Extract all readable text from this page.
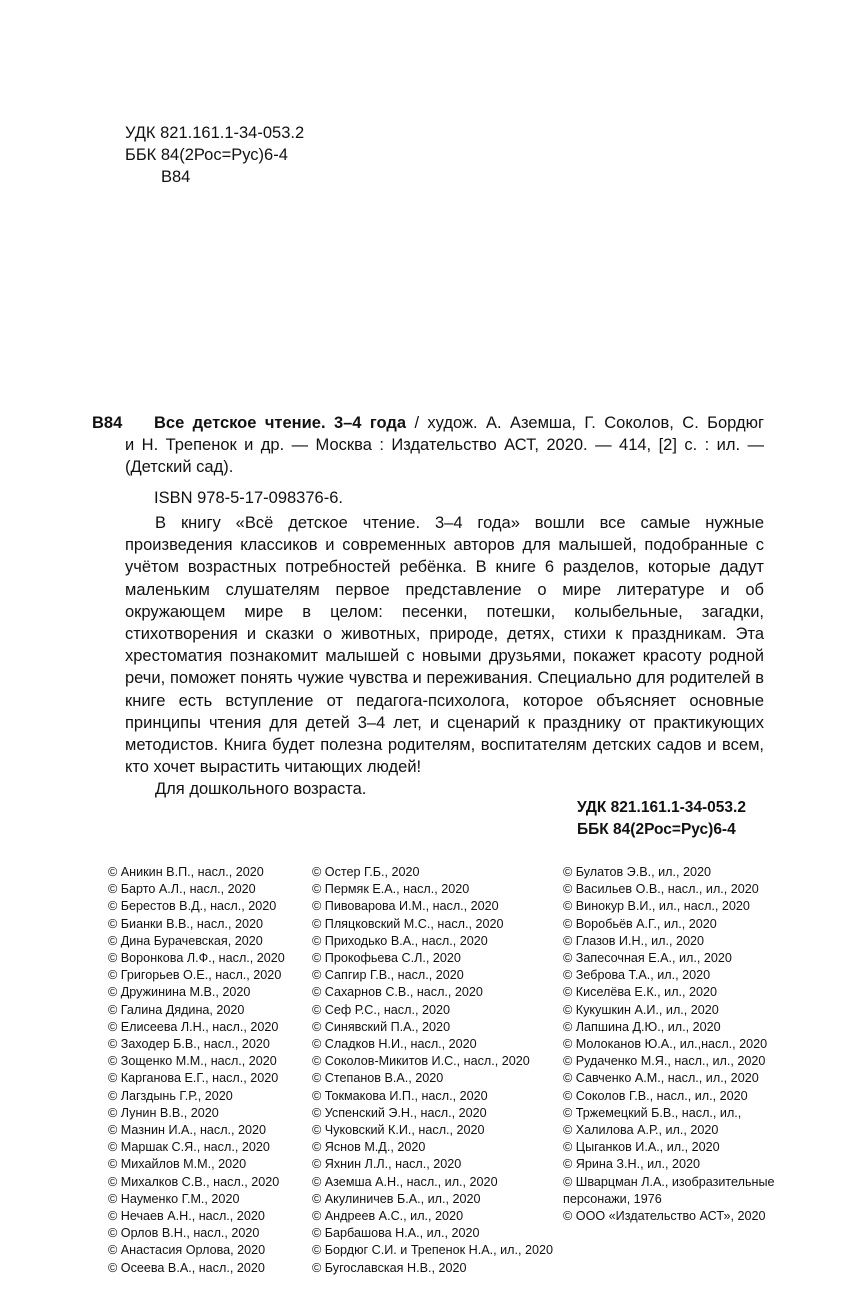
УДК 821.161.1-34-053.2
ББК 84(2Рос=Рус)6-4
В84
В84 Все детское чтение. 3–4 года / худож. А. Аземша, Г. Соколов, С. Бордюг
и Н. Трепенок и др. — Москва : Издательство АСТ, 2020. — 414, [2] с. : ил. — (Детский сад).
ISBN 978-5-17-098376-6.
В книгу «Всё детское чтение. 3–4 года» вошли все самые нужные произведения классиков и современных авторов для малышей, подобранные с учётом возрастных потребностей ребёнка. В книге 6 разделов, которые дадут маленьким слушателям первое представление о мире литературе и об окружающем мире в целом: песенки, потешки, колыбельные, загадки, стихотворения и сказки о животных, природе, детях, стихи к праздникам. Эта хрестоматия познакомит малышей с новыми друзьями, покажет красоту родной речи, поможет понять чужие чувства и переживания. Специально для родителей в книге есть вступление от педагога-психолога, которое объясняет основные принципы чтения для детей 3–4 лет, и сценарий к празднику от практикующих методистов. Книга будет полезна родителям, воспитателям детских садов и всем, кто хочет вырастить читающих людей!
Для дошкольного возраста.
УДК 821.161.1-34-053.2
ББК 84(2Рос=Рус)6-4
© Аникин В.П., насл., 2020
© Барто А.Л., насл., 2020
© Берестов В.Д., насл., 2020
© Бианки В.В., насл., 2020
© Дина Бурачевская, 2020
© Воронкова Л.Ф., насл., 2020
© Григорьев О.Е., насл., 2020
© Дружинина М.В., 2020
© Галина Дядина, 2020
© Елисеева Л.Н., насл., 2020
© Заходер Б.В., насл., 2020
© Зощенко М.М., насл., 2020
© Карганова Е.Г., насл., 2020
© Лагздынь Г.Р., 2020
© Лунин В.В., 2020
© Мазнин И.А., насл., 2020
© Маршак С.Я., насл., 2020
© Михайлов М.М., 2020
© Михалков С.В., насл., 2020
© Науменко Г.М., 2020
© Нечаев А.Н., насл., 2020
© Орлов В.Н., насл., 2020
© Анастасия Орлова, 2020
© Осеева В.А., насл., 2020
© Остер Г.Б., 2020
© Пермяк Е.А., насл., 2020
© Пивоварова И.М., насл., 2020
© Пляцковский М.С., насл., 2020
© Приходько В.А., насл., 2020
© Прокофьева С.Л., 2020
© Сапгир Г.В., насл., 2020
© Сахарнов С.В., насл., 2020
© Сеф Р.С., насл., 2020
© Синявский П.А., 2020
© Сладков Н.И., насл., 2020
© Соколов-Микитов И.С., насл., 2020
© Степанов В.А., 2020
© Токмакова И.П., насл., 2020
© Успенский Э.Н., насл., 2020
© Чуковский К.И., насл., 2020
© Яснов М.Д., 2020
© Яхнин Л.Л., насл., 2020
© Аземша А.Н., насл., ил., 2020
© Акулиничев Б.А., ил., 2020
© Андреев А.С., ил., 2020
© Барбашова Н.А., ил., 2020
© Бордюг С.И. и Трепенок Н.А., ил., 2020
© Бугославская Н.В., 2020
© Булатов Э.В., ил., 2020
© Васильев О.В., насл., ил., 2020
© Винокур В.И., ил., насл., 2020
© Воробьёв А.Г., ил., 2020
© Глазов И.Н., ил., 2020
© Запесочная Е.А., ил., 2020
© Зеброва Т.А., ил., 2020
© Киселёва Е.К., ил., 2020
© Кукушкин А.И., ил., 2020
© Лапшина Д.Ю., ил., 2020
© Молоканов Ю.А., ил.,насл., 2020
© Рудаченко М.Я., насл., ил., 2020
© Савченко А.М., насл., ил., 2020
© Соколов Г.В., насл., ил., 2020
© Тржемецкий Б.В., насл., ил.,
© Халилова А.Р., ил., 2020
© Цыганков И.А., ил., 2020
© Ярина З.Н., ил., 2020
© Шварцман Л.А., изобразительные
персонажи, 1976
© ООО «Издательство АСТ», 2020
